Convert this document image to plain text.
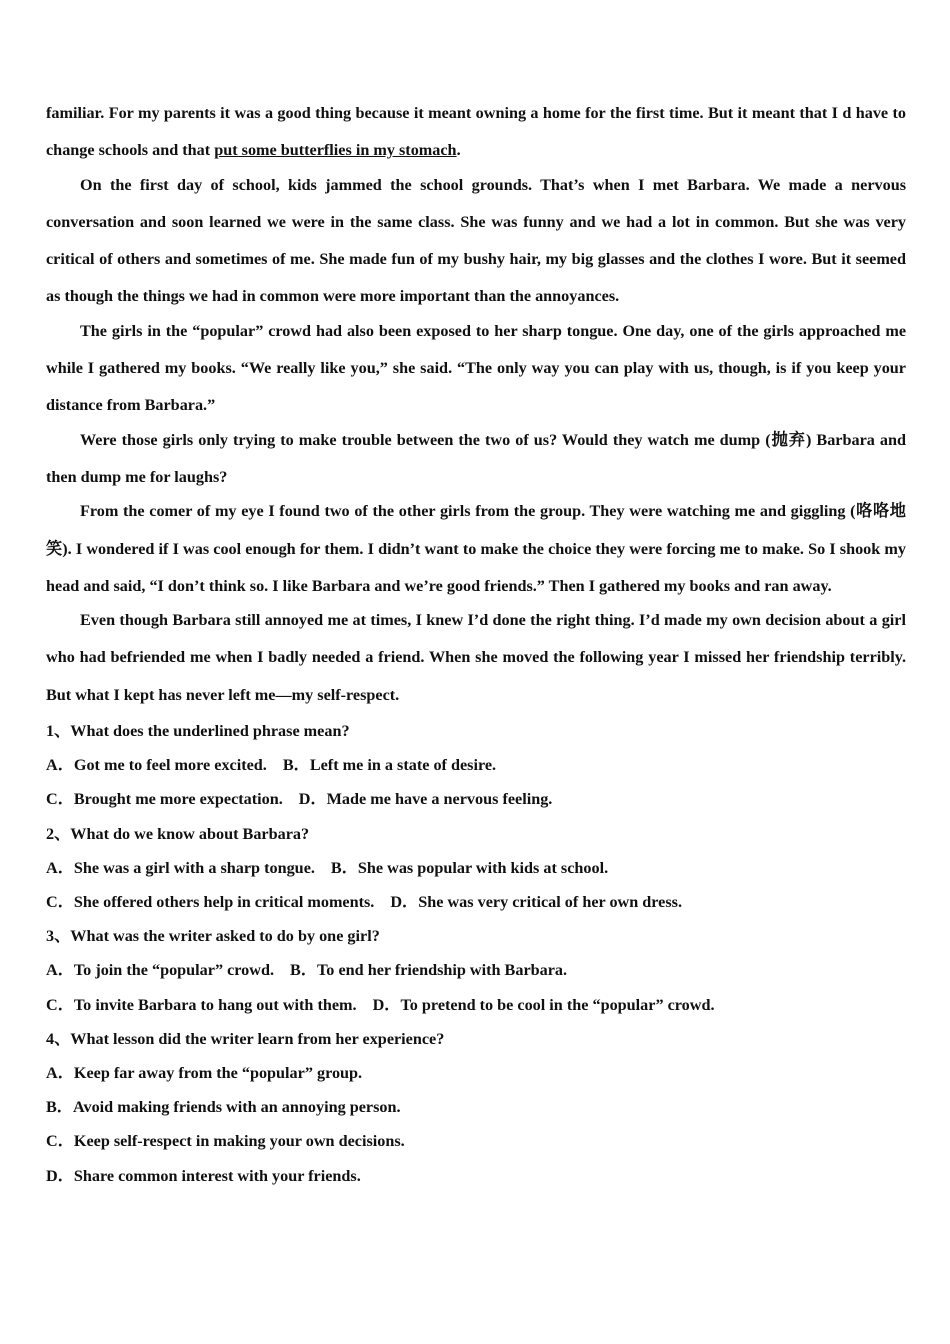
familiar. For my parents it was a good thing because it meant owning a home for the first time. But it meant that I d have to change schools and that put some butterflies in my stomach.

On the first day of school, kids jammed the school grounds. That’s when I met Barbara. We made a nervous conversation and soon learned we were in the same class. She was funny and we had a lot in common. But she was very critical of others and sometimes of me. She made fun of my bushy hair, my big glasses and the clothes I wore. But it seemed as though the things we had in common were more important than the annoyances.

The girls in the “popular” crowd had also been exposed to her sharp tongue. One day, one of the girls approached me while I gathered my books. “We really like you,” she said. “The only way you can play with us, though, is if you keep your distance from Barbara.”

Were those girls only trying to make trouble between the two of us? Would they watch me dump (抛弃) Barbara and then dump me for laughs?

From the comer of my eye I found two of the other girls from the group. They were watching me and giggling (咯咯地笑). I wondered if I was cool enough for them. I didn’t want to make the choice they were forcing me to make. So I shook my head and said, “I don’t think so. I like Barbara and we’re good friends.” Then I gathered my books and ran away.

Even though Barbara still annoyed me at times, I knew I’d done the right thing. I’d made my own decision about a girl who had befriended me when I badly needed a friend. When she moved the following year I missed her friendship terribly. But what I kept has never left me—my self-respect.

1、What does the underlined phrase mean?
A．Got me to feel more excited. B．Left me in a state of desire.
C．Brought me more expectation. D．Made me have a nervous feeling.
2、What do we know about Barbara?
A．She was a girl with a sharp tongue. B．She was popular with kids at school.
C．She offered others help in critical moments. D．She was very critical of her own dress.
3、What was the writer asked to do by one girl?
A．To join the “popular” crowd. B．To end her friendship with Barbara.
C．To invite Barbara to hang out with them. D．To pretend to be cool in the “popular” crowd.
4、What lesson did the writer learn from her experience?
A．Keep far away from the “popular” group.
B．Avoid making friends with an annoying person.
C．Keep self-respect in making your own decisions.
D．Share common interest with your friends.
